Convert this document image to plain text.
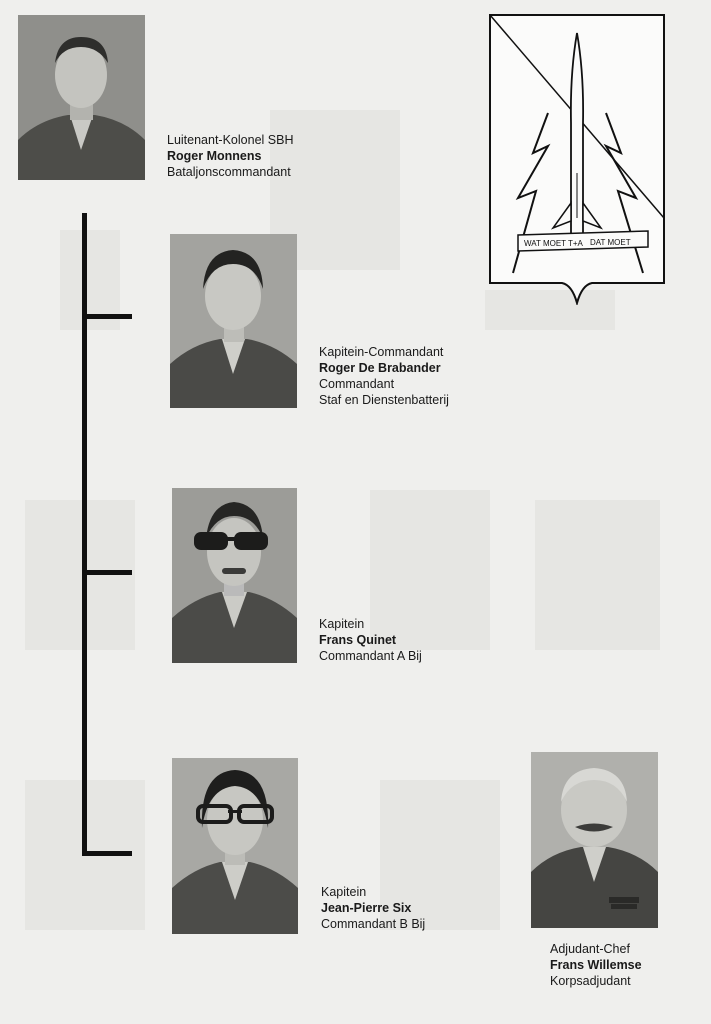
Luitenant-Kolonel SBH
Roger Monnens
Bataljonscommandant
WAT MOET T+A DAT MOET
Kapitein-Commandant
Roger De Brabander
Commandant
Staf en Dienstenbatterij
Kapitein
Frans Quinet
Commandant A Bij
Kapitein
Jean-Pierre Six
Commandant B Bij
Adjudant-Chef
Frans Willemse
Korpsadjudant
